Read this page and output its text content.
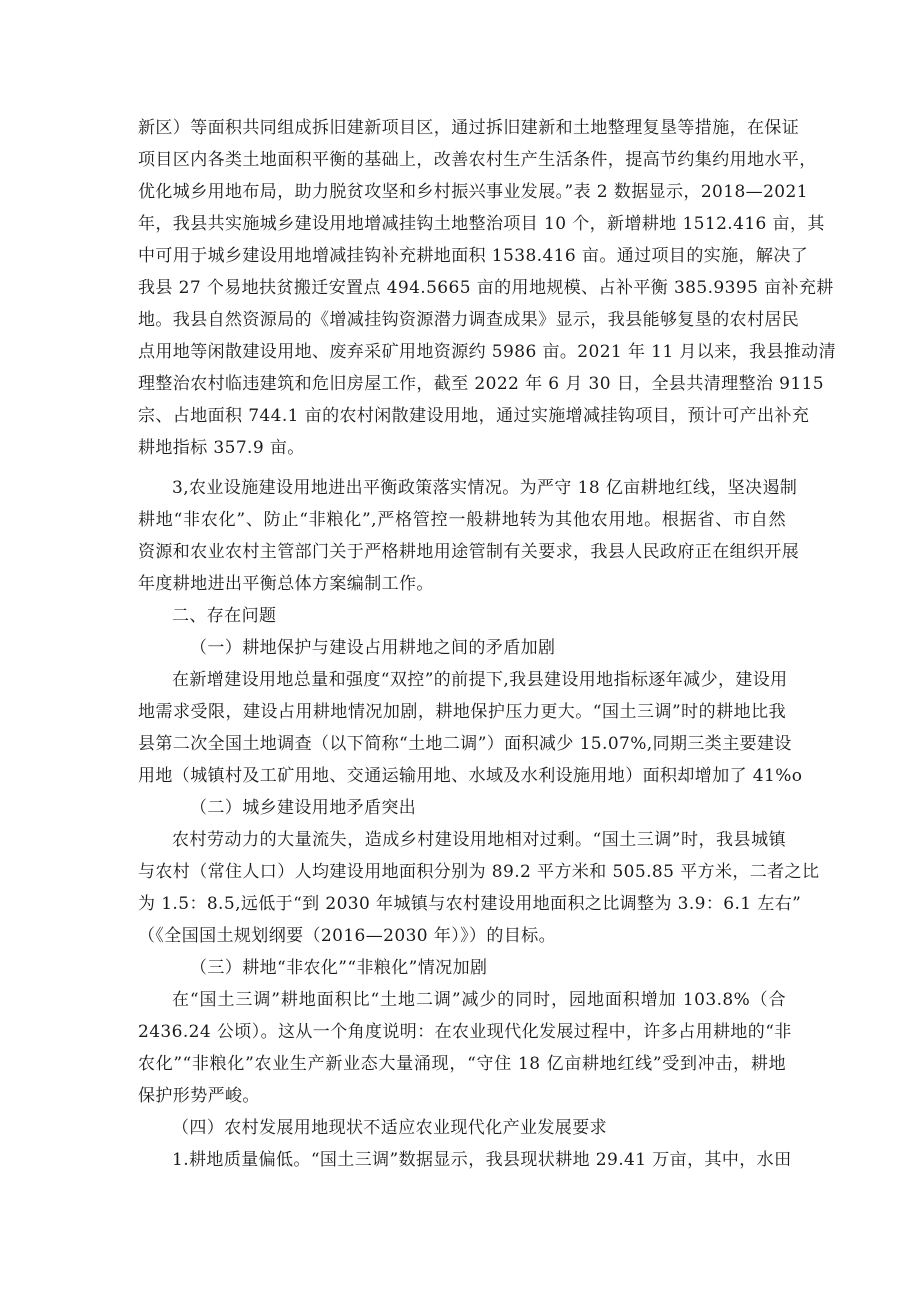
新区）等面积共同组成拆旧建新项目区，通过拆旧建新和土地整理复垦等措施，在保证
项目区内各类土地面积平衡的基础上，改善农村生产生活条件，提高节约集约用地水平，
优化城乡用地布局，助力脱贫攻坚和乡村振兴事业发展。”表 2 数据显示，2018—2021
年，我县共实施城乡建设用地增减挂钩土地整治项目 10 个，新增耕地 1512.416 亩，其
中可用于城乡建设用地增减挂钩补充耕地面积 1538.416 亩。通过项目的实施，解决了
我县 27 个易地扶贫搬迁安置点 494.5665 亩的用地规模、占补平衡 385.9395 亩补充耕
地。我县自然资源局的《增减挂钩资源潜力调查成果》显示，我县能够复垦的农村居民
点用地等闲散建设用地、废弃采矿用地资源约 5986 亩。2021 年 11 月以来，我县推动清
理整治农村临违建筑和危旧房屋工作，截至 2022 年 6 月 30 日，全县共清理整治 9115
宗、占地面积 744.1 亩的农村闲散建设用地，通过实施增减挂钩项目，预计可产出补充
耕地指标 357.9 亩。
3,农业设施建设用地进出平衡政策落实情况。为严守 18 亿亩耕地红线，坚决遏制
耕地“非农化”、防止“非粮化”,严格管控一般耕地转为其他农用地。根据省、市自然
资源和农业农村主管部门关于严格耕地用途管制有关要求，我县人民政府正在组织开展
年度耕地进出平衡总体方案编制工作。
二、存在问题
（一）耕地保护与建设占用耕地之间的矛盾加剧
在新增建设用地总量和强度“双控”的前提下,我县建设用地指标逐年减少，建设用
地需求受限，建设占用耕地情况加剧，耕地保护压力更大。“国土三调”时的耕地比我
县第二次全国土地调查（以下简称“土地二调”）面积减少 15.07%,同期三类主要建设
用地（城镇村及工矿用地、交通运输用地、水域及水利设施用地）面积却增加了 41%o
（二）城乡建设用地矛盾突出
农村劳动力的大量流失，造成乡村建设用地相对过剩。“国土三调”时，我县城镇
与农村（常住人口）人均建设用地面积分别为 89.2 平方米和 505.85 平方米，二者之比
为 1.5：8.5,远低于“到 2030 年城镇与农村建设用地面积之比调整为 3.9：6.1 左右”
（《全国国土规划纲要（2016—2030 年）》）的目标。
（三）耕地“非农化”“非粮化”情况加剧
在“国土三调”耕地面积比“土地二调”减少的同时，园地面积增加 103.8%（合
2436.24 公顷）。这从一个角度说明：在农业现代化发展过程中，许多占用耕地的“非
农化”“非粮化”农业生产新业态大量涌现，“守住 18 亿亩耕地红线”受到冲击，耕地
保护形势严峻。
（四）农村发展用地现状不适应农业现代化产业发展要求
1.耕地质量偏低。“国土三调”数据显示，我县现状耕地 29.41 万亩，其中，水田
